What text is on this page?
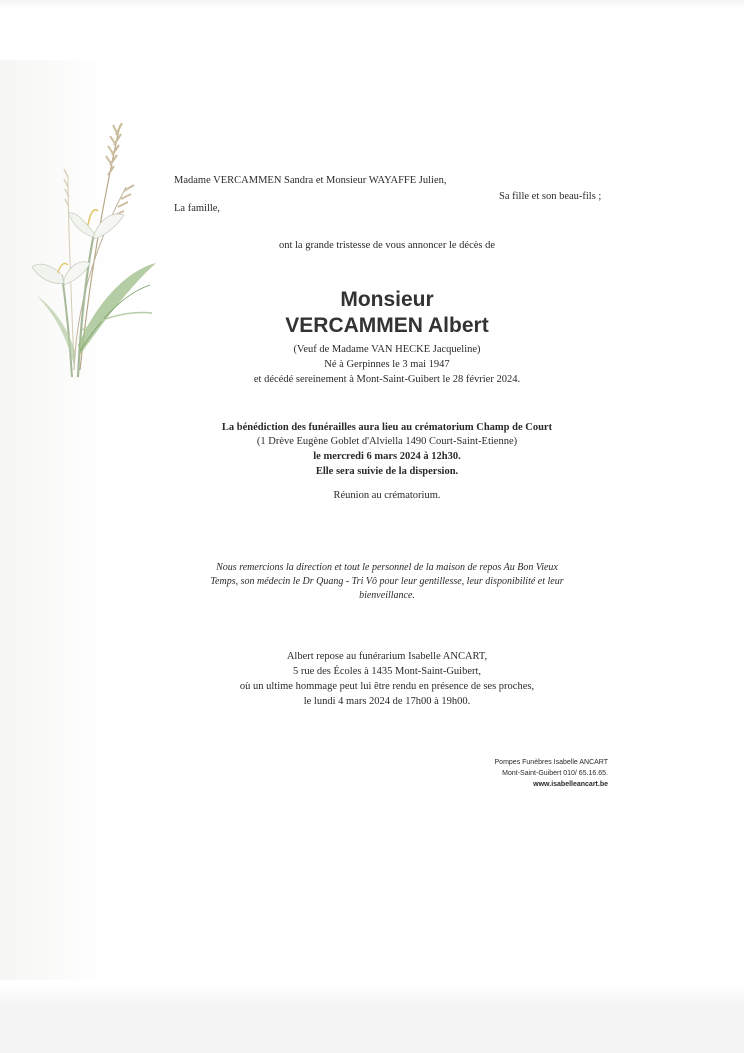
Madame VERCAMMEN Sandra et Monsieur WAYAFFE Julien,
Sa fille et son beau-fils ;
La famille,
ont la grande tristesse de vous annoncer le décès de
Monsieur
VERCAMMEN Albert
(Veuf de Madame VAN HECKE Jacqueline)
Né à Gerpinnes le 3 mai 1947
et décédé sereinement à Mont-Saint-Guibert le 28 février 2024.
La bénédiction des funérailles aura lieu au crématorium Champ de Court
(1 Drève Eugène Goblet d'Alviella 1490 Court-Saint-Etienne)
le mercredi 6 mars 2024 à 12h30.
Elle sera suivie de la dispersion.
Réunion au crématorium.
Nous remercions la direction et tout le personnel de la maison de repos Au Bon Vieux
Temps, son médecin le Dr Quang - Tri Vô pour leur gentillesse, leur disponibilité et leur
bienveillance.
Albert repose au funérarium Isabelle ANCART,
5 rue des Écoles à 1435 Mont-Saint-Guibert,
où un ultime hommage peut lui être rendu en présence de ses proches,
le lundi 4 mars 2024 de 17h00 à 19h00.
Pompes Funèbres Isabelle ANCART
Mont-Saint-Guibert 010/ 65.16.65.
www.isabelleancart.be
